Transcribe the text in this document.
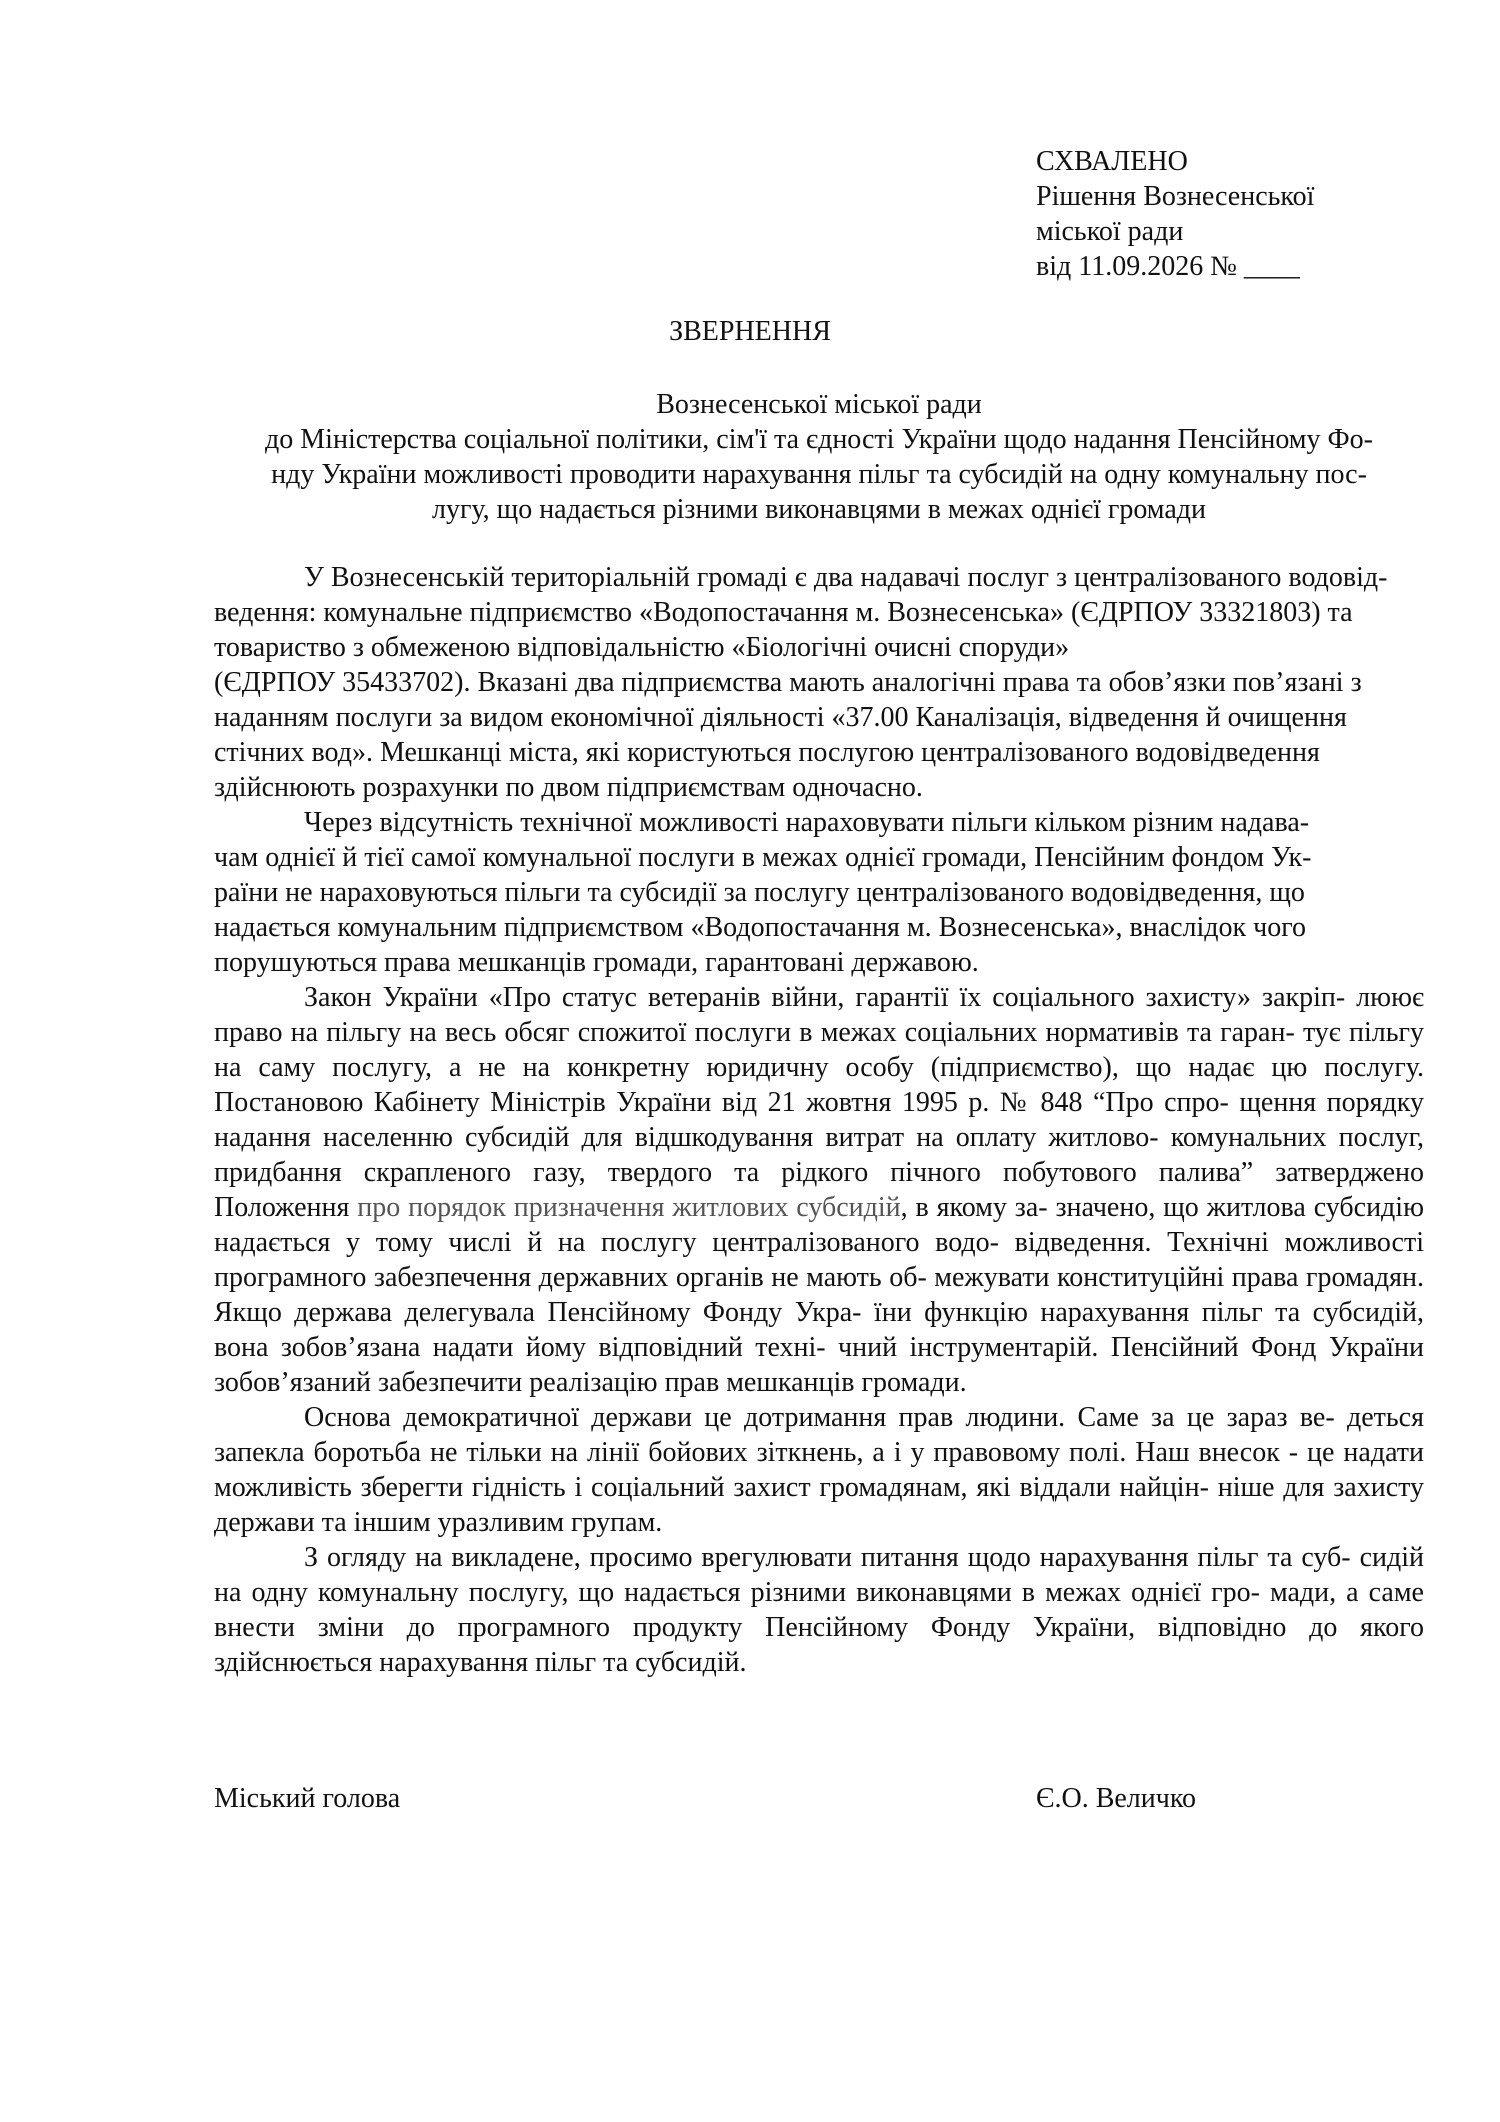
СХВАЛЕНО
Рішення Вознесенської
міської ради
від 11.09.2026 № ____
ЗВЕРНЕННЯ
Вознесенської міської ради
до Міністерства соціальної політики, сім'ї та єдності України щодо надання Пенсійному Фо-
нду України можливості проводити нарахування пільг та субсидій на одну комунальну пос-
лугу, що надається різними виконавцями в межах однієї громади
У Вознесенській територіальній громаді є два надавачі послуг з централізованого водовід-
ведення: комунальне підприємство «Водопостачання м. Вознесенська» (ЄДРПОУ 33321803) та
товариство з обмеженою відповідальністю «Біологічні очисні споруди»
(ЄДРПОУ 35433702). Вказані два підприємства мають аналогічні права та обов’язки пов’язані з
наданням послуги за видом економічної діяльності «37.00 Каналізація, відведення й очищення
стічних вод». Мешканці міста, які користуються послугою централізованого водовідведення
здійснюють розрахунки по двом підприємствам одночасно.
Через відсутність технічної можливості нараховувати пільги кільком різним надава-
чам однієї й тієї самої комунальної послуги в межах однієї громади, Пенсійним фондом Ук-
раїни не нараховуються пільги та субсидії за послугу централізованого водовідведення, що
надається комунальним підприємством «Водопостачання м. Вознесенська», внаслідок чого
порушуються права мешканців громади, гарантовані державою.

Закон України «Про статус ветеранів війни, гарантії їх соціального захисту» закріп- люює право на пільгу на весь обсяг спожитої послуги в межах соціальних нормативів та гаран- тує пільгу на саму послугу, а не на конкретну юридичну особу (підприємство), що надає цю послугу. Постановою Кабінету Міністрів України від 21 жовтня 1995 р. № 848 “Про спро- щення порядку надання населенню субсидій для відшкодування витрат на оплату житлово- комунальних послуг, придбання скрапленого газу, твердого та рідкого пічного побутового палива” затверджено Положення про порядок призначення житлових субсидій, в якому за- значено, що житлова субсидію надається у тому числі й на послугу централізованого водо- відведення. Технічні можливості програмного забезпечення державних органів не мають об- межувати конституційні права громадян. Якщо держава делегувала Пенсійному Фонду Укра- їни функцію нарахування пільг та субсидій, вона зобов’язана надати йому відповідний техні- чний інструментарій. Пенсійний Фонд України зобов’язаний забезпечити реалізацію прав мешканців громади.

Основа демократичної держави це дотримання прав людини. Саме за це зараз ве- деться запекла боротьба не тільки на лінії бойових зіткнень, а і у правовому полі. Наш внесок - це надати можливість зберегти гідність і соціальний захист громадянам, які віддали найцін- ніше для захисту держави та іншим уразливим групам.

З огляду на викладене, просимо врегулювати питання щодо нарахування пільг та суб- сидій на одну комунальну послугу, що надається різними виконавцями в межах однієї гро- мади, а саме внести зміни до програмного продукту Пенсійному Фонду України, відповідно до якого здійснюється нарахування пільг та субсидій.

Міський голова	Є.О. Величко
